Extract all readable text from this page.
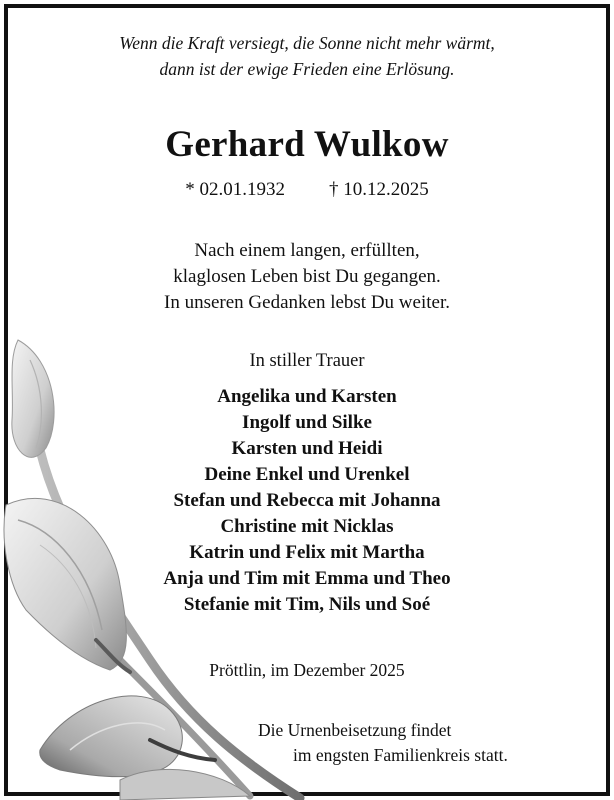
Wenn die Kraft versiegt, die Sonne nicht mehr wärmt,
dann ist der ewige Frieden eine Erlösung.
Gerhard Wulkow
* 02.01.1932 † 10.12.2025
Nach einem langen, erfüllten,
klaglosen Leben bist Du gegangen.
In unseren Gedanken lebst Du weiter.
In stiller Trauer
Angelika und Karsten
Ingolf und Silke
Karsten und Heidi
Deine Enkel und Urenkel
Stefan und Rebecca mit Johanna
Christine mit Nicklas
Katrin und Felix mit Martha
Anja und Tim mit Emma und Theo
Stefanie mit Tim, Nils und Soé
Pröttlin, im Dezember 2025
Die Urnenbeisetzung findet
im engsten Familienkreis statt.
